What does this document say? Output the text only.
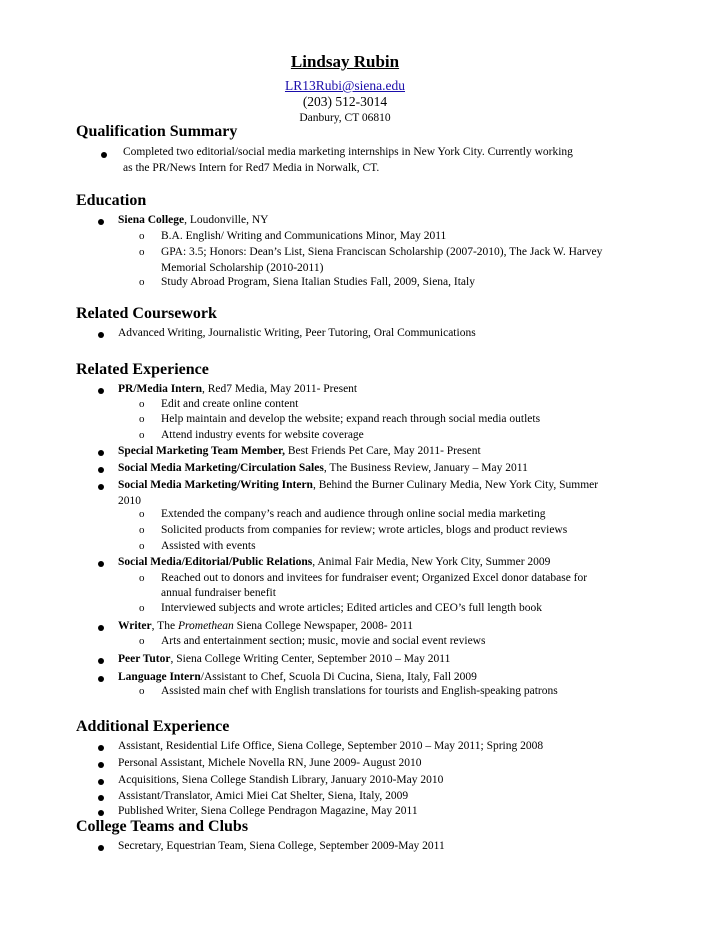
Lindsay Rubin
LR13Rubi@siena.edu
(203) 512-3014
Danbury, CT 06810
Qualification Summary
Completed two editorial/social media marketing internships in New York City. Currently working
as the PR/News Intern for Red7 Media in Norwalk, CT.
Education
Siena College, Loudonville, NY
o B.A. English/ Writing and Communications Minor, May 2011
o GPA: 3.5; Honors: Dean’s List, Siena Franciscan Scholarship (2007-2010), The Jack W. Harvey
Memorial Scholarship (2010-2011)
o Study Abroad Program, Siena Italian Studies Fall, 2009, Siena, Italy
Related Coursework
Advanced Writing, Journalistic Writing, Peer Tutoring, Oral Communications
Related Experience
PR/Media Intern, Red7 Media, May 2011- Present
o Edit and create online content
o Help maintain and develop the website; expand reach through social media outlets
o Attend industry events for website coverage
Special Marketing Team Member, Best Friends Pet Care, May 2011- Present
Social Media Marketing/Circulation Sales, The Business Review, January – May 2011
Social Media Marketing/Writing Intern, Behind the Burner Culinary Media, New York City, Summer
2010
o Extended the company’s reach and audience through online social media marketing
o Solicited products from companies for review; wrote articles, blogs and product reviews
o Assisted with events
Social Media/Editorial/Public Relations, Animal Fair Media, New York City, Summer 2009
o Reached out to donors and invitees for fundraiser event; Organized Excel donor database for
annual fundraiser benefit
o Interviewed subjects and wrote articles; Edited articles and CEO’s full length book
Writer, The Promethean Siena College Newspaper, 2008- 2011
o Arts and entertainment section; music, movie and social event reviews
Peer Tutor, Siena College Writing Center, September 2010 – May 2011
Language Intern/Assistant to Chef, Scuola Di Cucina, Siena, Italy, Fall 2009
o Assisted main chef with English translations for tourists and English-speaking patrons
Additional Experience
Assistant, Residential Life Office, Siena College, September 2010 – May 2011; Spring 2008
Personal Assistant, Michele Novella RN, June 2009- August 2010
Acquisitions, Siena College Standish Library, January 2010-May 2010
Assistant/Translator, Amici Miei Cat Shelter, Siena, Italy, 2009
Published Writer, Siena College Pendragon Magazine, May 2011
College Teams and Clubs
Secretary, Equestrian Team, Siena College, September 2009-May 2011
